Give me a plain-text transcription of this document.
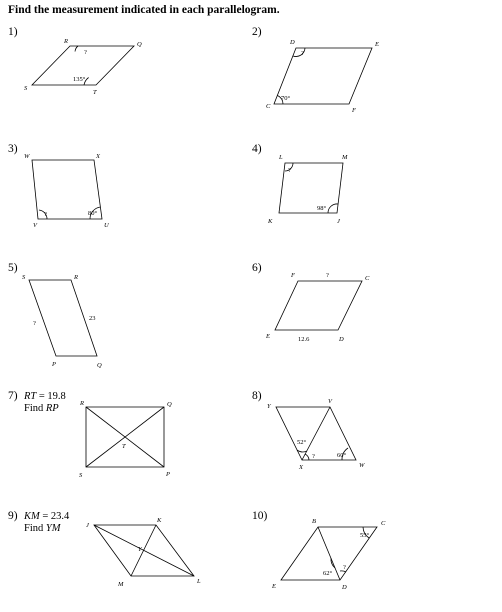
Find the measurement indicated in each parallelogram.
1)	2)
3)	4)
5)	6)
7)	8)
9)	10)
RT = 19.8
Find RP
KM = 23.4
Find YM
R	Q
S
T
135°
?
D	E
C
F
70°
?
W	X
V	U
?	80°
L	M
K	J
?
98°
S	R
P	Q
23
?
F	C
E	D
12.6
?
R	Q
S	P
T
Y
V
X	W
52°
?	60°
J
K
M	L
Y
B	C
E	D
55°
62°
?
